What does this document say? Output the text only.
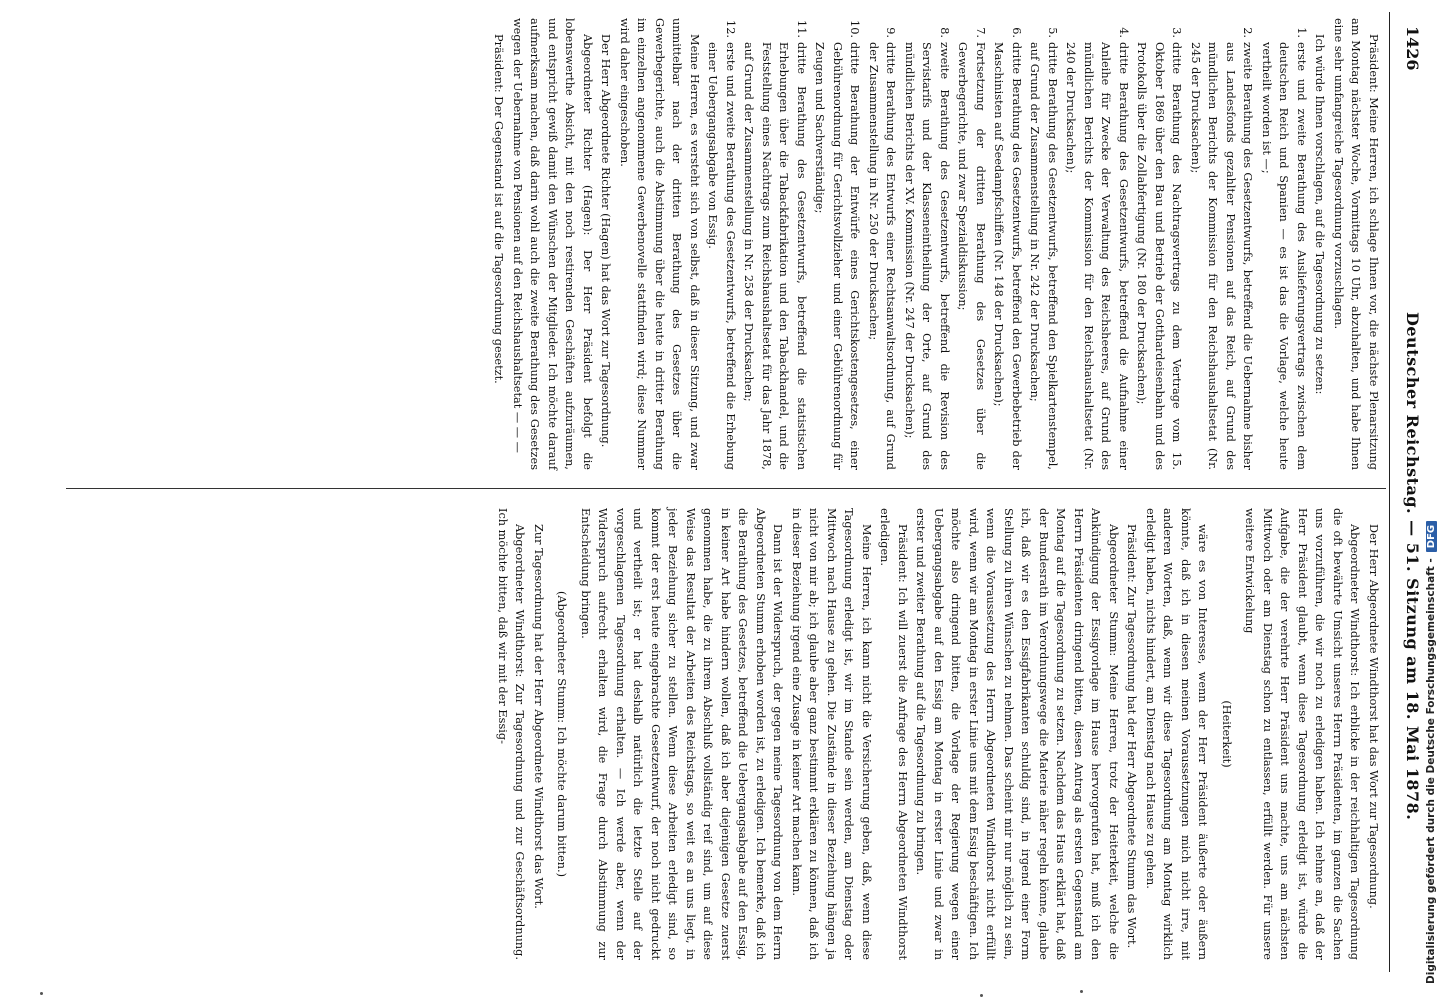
1426
Deutscher Reichstag. — 51. Sitzung am 18. Mai 1878.

Präsident: Meine Herren, ich schlage Ihnen vor, die nächste Plenarsitzung am Montag nächster Woche, Vormittags 10 Uhr, abzuhalten, und habe Ihnen eine sehr umfangreiche Tagesordnung vorzuschlagen.

Ich würde Ihnen vorschlagen, auf die Tagesordnung zu setzen:

1.
erste und zweite Berathung des Auslieferungsvertrags zwischen dem deutschen Reich und Spanien — es ist das die Vorlage, welche heute vertheilt worden ist —;
2.
zweite Berathung des Gesetzentwurfs, betreffend die Uebernahme bisher aus Landesfonds gezahlter Pensionen auf das Reich, auf Grund des mündlichen Berichts der Kommission für den Reichshaushaltsetat (Nr. 245 der Drucksachen);
3.
dritte Berathung des Nachtragsvertrags zu dem Vertrage vom 15. Oktober 1869 über den Bau und Betrieb der Gotthardeisenbahn und des Protokolls über die Zollabfertigung (Nr. 180 der Drucksachen);
4.
dritte Berathung des Gesetzentwurfs, betreffend die Aufnahme einer Anleihe für Zwecke der Verwaltung des Reichsheeres, auf Grund des mündlichen Berichts der Kommission für den Reichshaushaltsetat (Nr. 240 der Drucksachen);
5.
dritte Berathung des Gesetzentwurfs, betreffend den Spielkartenstempel, auf Grund der Zusammenstellung in Nr. 242 der Drucksachen;
6.
dritte Berathung des Gesetzentwurfs, betreffend den Gewerbebetrieb der Maschinisten auf Seedampfschiffen (Nr. 148 der Drucksachen);
7.
Fortsetzung der dritten Berathung des Gesetzes über die Gewerbegerichte, und zwar Spezialdiskussion;
8.
zweite Berathung des Gesetzentwurfs, betreffend die Revision des Servistarifs und der Klasseneintheilung der Orte, auf Grund des mündlichen Berichts der XV. Kommission (Nr. 247 der Drucksachen);
9.
dritte Berathung des Entwurfs einer Rechtsanwaltsordnung, auf Grund der Zusammenstellung in Nr. 250 der Drucksachen;
10.
dritte Berathung der Entwürfe eines Gerichtskostengesetzes, einer Gebührenordnung für Gerichtsvollzieher und einer Gebührenordnung für Zeugen und Sachverständige;
11.
dritte Berathung des Gesetzentwurfs, betreffend die statistischen Erhebungen über die Tabackfabrikation und den Tabackhandel, und die Feststellung eines Nachtrags zum Reichshaushaltsetat für das Jahr 1878, auf Grund der Zusammenstellung in Nr. 258 der Drucksachen;
12.
erste und zweite Berathung des Gesetzentwurfs, betreffend die Erhebung einer Uebergangsabgabe von Essig.

Meine Herren, es versteht sich von selbst, daß in dieser Sitzung, und zwar unmittelbar nach der dritten Berathung des Gesetzes über die Gewerbegerichte, auch die Abstimmung über die heute in dritter Berathung im einzelnen angenommene Gewerbenovelle stattfinden wird; diese Nummer wird daher eingeschoben.

Der Herr Abgeordnete Richter (Hagen) hat das Wort zur Tagesordnung.

Abgeordneter Richter (Hagen): Der Herr Präsident befolgt die lobenswerthe Absicht, mit den noch restirenden Geschäften aufzuräumen, und entspricht gewiß damit den Wünschen der Mitglieder. Ich möchte darauf aufmerksam machen, daß darin wohl auch die zweite Berathung des Gesetzes wegen der Uebernahme von Pensionen auf den Reichshaushaltsetat — — —

Präsident: Der Gegenstand ist auf die Tagesordnung gesetzt.

Der Herr Abgeordnete Windthorst hat das Wort zur Tagesordnung.

Abgeordneter Windthorst: Ich erblicke in der reichhaltigen Tagesordnung die oft bewährte Umsicht unseres Herrn Präsidenten, im ganzen die Sachen uns vorzuführen, die wir noch zu erledigen haben. Ich nehme an, daß der Herr Präsident glaubt, wenn diese Tagesordnung erledigt ist, würde die Aufgabe, die der verehrte Herr Präsident uns machte, uns am nächsten Mittwoch oder am Dienstag schon zu entlassen, erfüllt werden. Für unsere weitere Entwickelung

(Heiterkeit)

wäre es von Interesse, wenn der Herr Präsident äußerte oder äußern könnte, daß ich in diesen meinen Voraussetzungen mich nicht irre, mit anderen Worten, daß, wenn wir diese Tagesordnung am Montag wirklich erledigt haben, nichts hindert, am Dienstag nach Hause zu gehen.

Präsident: Zur Tagesordnung hat der Herr Abgeordnete Stumm das Wort.

Abgeordneter Stumm: Meine Herren, trotz der Heiterkeit, welche die Ankündigung der Essigvorlage im Hause hervorgerufen hat, muß ich den Herrn Präsidenten dringend bitten, diesen Antrag als ersten Gegenstand am Montag auf die Tagesordnung zu setzen. Nachdem das Haus erklärt hat, daß der Bundesrath im Verordnungswege die Materie näher regeln könne, glaube ich, daß wir es den Essigfabrikanten schuldig sind, in irgend einer Form Stellung zu ihren Wünschen zu nehmen. Das scheint mir nur möglich zu sein, wenn die Voraussetzung des Herrn Abgeordneten Windthorst nicht erfüllt wird, wenn wir am Montag in erster Linie uns mit dem Essig beschäftigen. Ich möchte also dringend bitten, die Vorlage der Regierung wegen einer Uebergangsabgabe auf den Essig am Montag in erster Linie und zwar in erster und zweiter Berathung auf die Tagesordnung zu bringen.

Präsident: Ich will zuerst die Anfrage des Herrn Abgeordneten Windthorst erledigen.

Meine Herren, ich kann nicht die Versicherung geben, daß, wenn diese Tagesordnung erledigt ist, wir im Stande sein werden, am Dienstag oder Mittwoch nach Hause zu gehen. Die Zustände in dieser Beziehung hängen ja nicht von mir ab; ich glaube aber ganz bestimmt erklären zu können, daß ich in dieser Beziehung irgend eine Zusage in keiner Art machen kann.

Dann ist der Widerspruch, der gegen meine Tagesordnung von dem Herrn Abgeordneten Stumm erhoben worden ist, zu erledigen. Ich bemerke, daß ich die Berathung des Gesetzes, betreffend die Uebergangsabgabe auf den Essig, in keiner Art habe hindern wollen, daß ich aber diejenigen Gesetze zuerst genommen habe, die zu ihrem Abschluß vollständig reif sind, um auf diese Weise das Resultat der Arbeiten des Reichstags, so weit es an uns liegt, in jeder Beziehung sicher zu stellen. Wenn diese Arbeiten erledigt sind, so kommt der erst heute eingebrachte Gesetzentwurf, der noch nicht gedruckt und vertheilt ist; er hat deshalb natürlich die letzte Stelle auf der vorgeschlagenen Tagesordnung erhalten. — Ich werde aber, wenn der Widerspruch aufrecht erhalten wird, die Frage durch Abstimmung zur Entscheidung bringen.

(Abgeordneter Stumm: Ich möchte darum bitten.)

Zur Tagesordnung hat der Herr Abgeordnete Windthorst das Wort.

Abgeordneter Windthorst: Zur Tagesordnung und zur Geschäftsordnung. Ich möchte bitten, daß wir mit der Essig-	Digitalisierung gefördert durch die Deutsche Forschungsgemeinschaft -DFG
